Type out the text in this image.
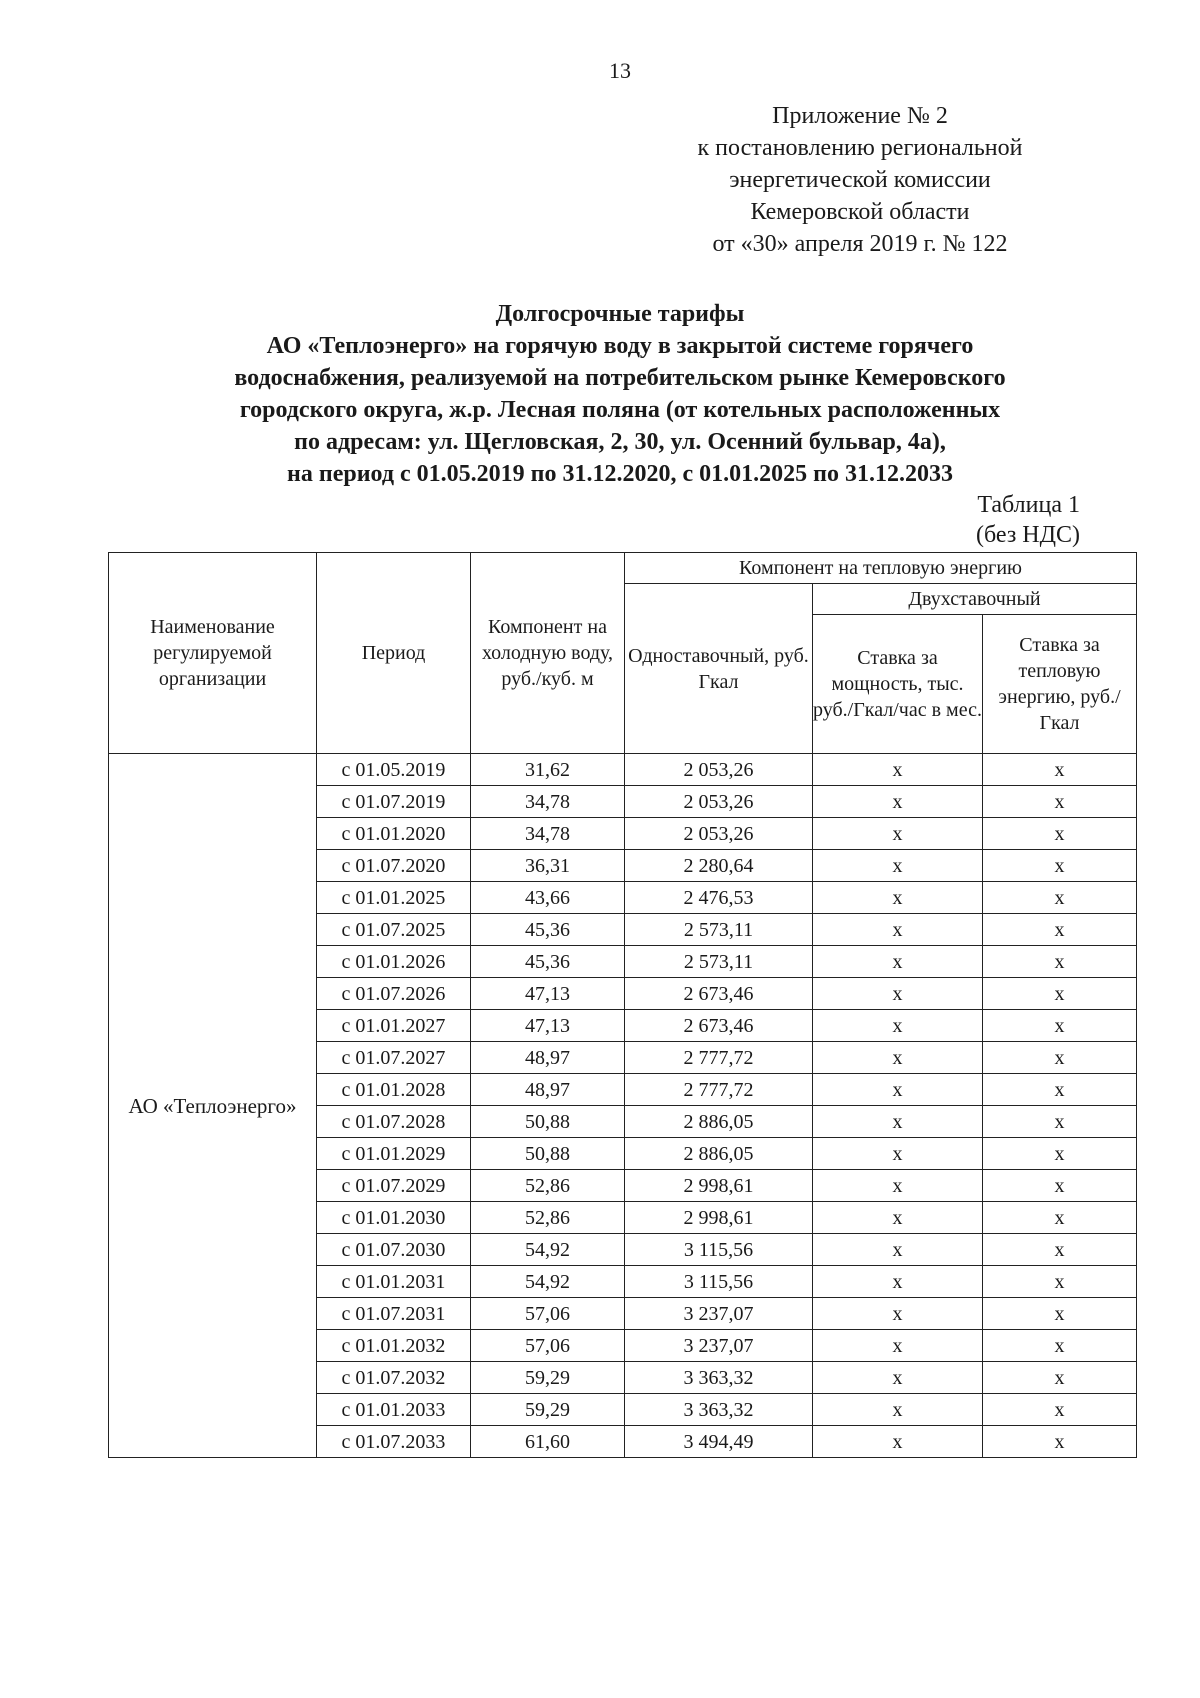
13
Приложение № 2
к постановлению региональной
энергетической комиссии
Кемеровской области
от «30» апреля 2019 г. № 122
Долгосрочные тарифы
АО «Теплоэнерго» на горячую воду в закрытой системе горячего
водоснабжения, реализуемой на потребительском рынке Кемеровского
городского округа, ж.р. Лесная поляна (от котельных расположенных
по адресам: ул. Щегловская, 2, 30, ул. Осенний бульвар, 4а),
на период с 01.05.2019 по 31.12.2020, с 01.01.2025 по 31.12.2033
Таблица 1
(без НДС)
Наименование регулируемой организации	Период	Компонент на холодную воду, руб./куб. м	Компонент на тепловую энергию		
			Одноставочный, руб. Гкал	Двухставочный	
				Ставка за мощность, тыс. руб./Гкал/час в мес.	Ставка за тепловую энергию, руб./Гкал
АО «Теплоэнерго»	с 01.05.2019	31,62	2 053,26	х	х
	с 01.07.2019	34,78	2 053,26	х	х
	с 01.01.2020	34,78	2 053,26	х	х
	с 01.07.2020	36,31	2 280,64	х	х
	с 01.01.2025	43,66	2 476,53	х	х
	с 01.07.2025	45,36	2 573,11	х	х
	с 01.01.2026	45,36	2 573,11	х	х
	с 01.07.2026	47,13	2 673,46	х	х
	с 01.01.2027	47,13	2 673,46	х	х
	с 01.07.2027	48,97	2 777,72	х	х
	с 01.01.2028	48,97	2 777,72	х	х
	с 01.07.2028	50,88	2 886,05	х	х
	с 01.01.2029	50,88	2 886,05	х	х
	с 01.07.2029	52,86	2 998,61	х	х
	с 01.01.2030	52,86	2 998,61	х	х
	с 01.07.2030	54,92	3 115,56	х	х
	с 01.01.2031	54,92	3 115,56	х	х
	с 01.07.2031	57,06	3 237,07	х	х
	с 01.01.2032	57,06	3 237,07	х	х
	с 01.07.2032	59,29	3 363,32	х	х
	с 01.01.2033	59,29	3 363,32	х	х
	с 01.07.2033	61,60	3 494,49	х	х
